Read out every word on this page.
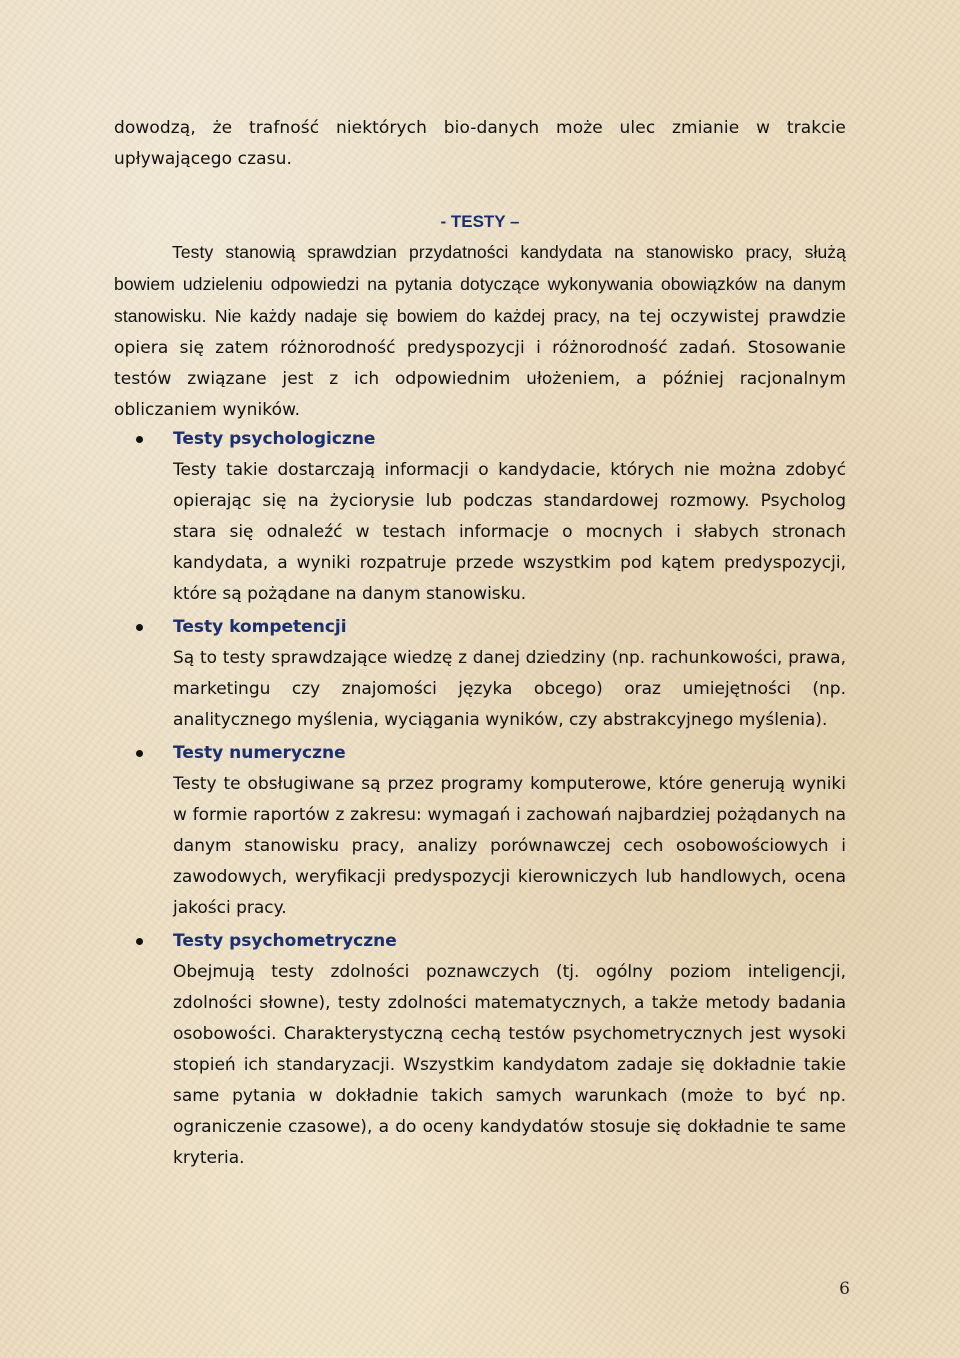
dowodzą, że trafność niektórych bio-danych może ulec zmianie w trakcie upływającego czasu.

- TESTY –

Testy stanowią sprawdzian przydatności kandydata na stanowisko pracy, służą bowiem udzieleniu odpowiedzi na pytania dotyczące wykonywania obowiązków na danym stanowisku. Nie każdy nadaje się bowiem do każdej pracy, na tej oczywistej prawdzie opiera się zatem różnorodność predyspozycji i różnorodność zadań. Stosowanie testów związane jest z ich odpowiednim ułożeniem, a później racjonalnym obliczaniem wyników.

Testy psychologiczne
Testy takie dostarczają informacji o kandydacie, których nie można zdobyć opierając się na życiorysie lub podczas standardowej rozmowy. Psycholog stara się odnaleźć w testach informacje o mocnych i słabych stronach kandydata, a wyniki rozpatruje przede wszystkim pod kątem predyspozycji, które są pożądane na danym stanowisku.
Testy kompetencji
Są to testy sprawdzające wiedzę z danej dziedziny (np. rachunkowości, prawa, marketingu czy znajomości języka obcego) oraz umiejętności (np. analitycznego myślenia, wyciągania wyników, czy abstrakcyjnego myślenia).
Testy numeryczne
Testy te obsługiwane są przez programy komputerowe, które generują wyniki w formie raportów z zakresu: wymagań i zachowań najbardziej pożądanych na danym stanowisku pracy, analizy porównawczej cech osobowościowych i zawodowych, weryfikacji predyspozycji kierowniczych lub handlowych, ocena jakości pracy.
Testy psychometryczne
Obejmują testy zdolności poznawczych (tj. ogólny poziom inteligencji, zdolności słowne), testy zdolności matematycznych, a także metody badania osobowości. Charakterystyczną cechą testów psychometrycznych jest wysoki stopień ich standaryzacji. Wszystkim kandydatom zadaje się dokładnie takie same pytania w dokładnie takich samych warunkach (może to być np. ograniczenie czasowe), a do oceny kandydatów stosuje się dokładnie te same kryteria.
6
